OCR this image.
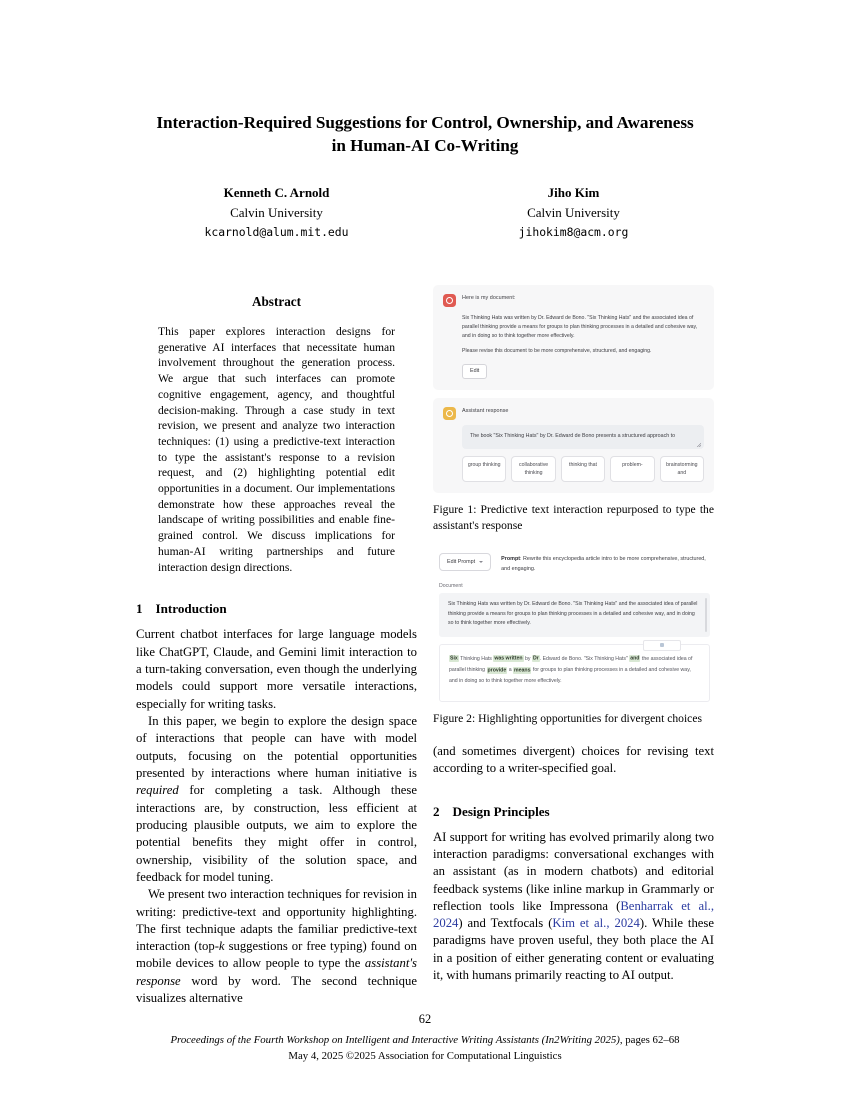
Interaction-Required Suggestions for Control, Ownership, and Awareness
in Human-AI Co-Writing
Kenneth C. Arnold
Calvin University
kcarnold@alum.mit.edu
Jiho Kim
Calvin University
jihokim8@acm.org
Abstract
This paper explores interaction designs for generative AI interfaces that necessitate human involvement throughout the generation process. We argue that such interfaces can promote cognitive engagement, agency, and thoughtful decision-making. Through a case study in text revision, we present and analyze two interaction techniques: (1) using a predictive-text interaction to type the assistant's response to a revision request, and (2) highlighting potential edit opportunities in a document. Our implementations demonstrate how these approaches reveal the landscape of writing possibilities and enable fine-grained control. We discuss implications for human-AI writing partnerships and future interaction design directions.
1 Introduction

Current chatbot interfaces for large language models like ChatGPT, Claude, and Gemini limit interaction to a turn-taking conversation, even though the underlying models could support more versatile interactions, especially for writing tasks.

In this paper, we begin to explore the design space of interactions that people can have with model outputs, focusing on the potential opportunities presented by interactions where human initiative is required for completing a task. Although these interactions are, by construction, less efficient at producing plausible outputs, we aim to explore the potential benefits they might offer in control, ownership, visibility of the solution space, and feedback for model tuning.

We present two interaction techniques for revision in writing: predictive-text and opportunity highlighting. The first technique adapts the familiar predictive-text interaction (top-k suggestions or free typing) found on mobile devices to allow people to type the assistant's response word by word. The second technique visualizes alternative

Here is my document:
Six Thinking Hats was written by Dr. Edward de Bono. "Six Thinking Hats" and the associated idea of parallel thinking provide a means for groups to plan thinking processes in a detailed and cohesive way, and in doing so to think together more effectively.
Please revise this document to be more comprehensive, structured, and engaging.
Edit
Assistant response
The book "Six Thinking Hats" by Dr. Edward de Bono presents a structured approach to
group thinking	collaborative thinking
thinking that	problem-	brainstorming and

Figure 1: Predictive text interaction repurposed to type the assistant's response

Edit Prompt	Prompt: Rewrite this encyclopedia article intro to be more comprehensive, structured, and engaging.
Document
Six Thinking Hats was written by Dr. Edward de Bono. "Six Thinking Hats" and the associated idea of parallel thinking provide a means for groups to plan thinking processes in a detailed and cohesive way, and in doing so to think together more effectively.
Six Thinking Hats was written by Dr. Edward de Bono. "Six Thinking Hats" and the associated idea of parallel thinking provide a means for groups to plan thinking processes in a detailed and cohesive way, and in doing so to think together more effectively.

Figure 2: Highlighting opportunities for divergent choices

(and sometimes divergent) choices for revising text according to a writer-specified goal.

2 Design Principles

AI support for writing has evolved primarily along two interaction paradigms: conversational exchanges with an assistant (as in modern chatbots) and editorial feedback systems (like inline markup in Grammarly or reflection tools like Impressona (Benharrak et al., 2024) and Textfocals (Kim et al., 2024). While these paradigms have proven useful, they both place the AI in a position of either generating content or evaluating it, with humans primarily reacting to AI output.

62
Proceedings of the Fourth Workshop on Intelligent and Interactive Writing Assistants (In2Writing 2025), pages 62–68
May 4, 2025 ©2025 Association for Computational Linguistics
